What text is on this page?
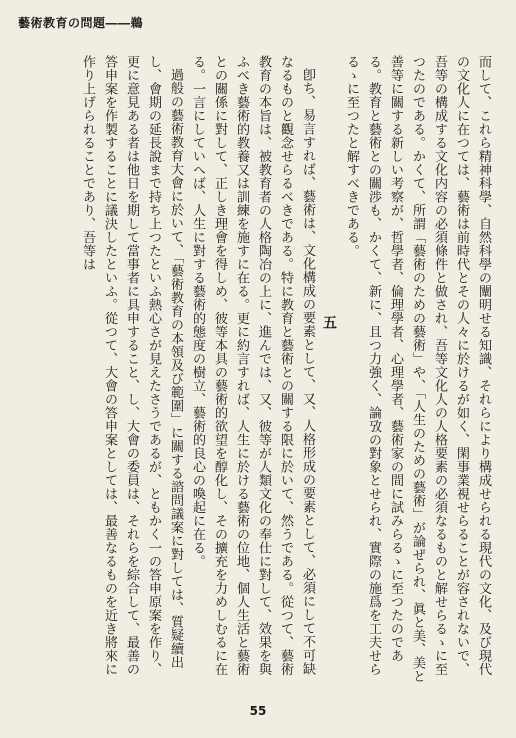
藝術教育の問題――鵜

而して、これら精神科學、自然科學の闡明せる知識、それらにより構成せられる現代の文化、及び現代の文化人に在つては、藝術は前時代とその人々に於けるが如く、閑事業視せらることが容されないで、吾等の構成する文化内容の必須條件と做され、吾等文化人の人格要素の必須なるものと解せらるゝに至つたのである。かくて、所謂「藝術のための藝術」や、「人生のための藝術」が論ぜられ、眞と美、美と善等に關する新しい考察が、哲學者、倫理學者、心理學者、藝術家の間に試みらるゝに至つたのである。教育と藝術との關渉も、かくて、新に、且つ力強く、論攷の對象とせられ、實際の施爲を工夫せらるゝに至つたと解すべきである。

五

卽ち、易言すれば、藝術は、文化構成の要素として、又、人格形成の要素として、必須にして不可缺なるものと觀念せらるべきである。特に教育と藝術との關する限に於いて、然うである。從つて、藝術教育の本旨は、被教育者の人格陶冶の上に、進んでは、又、彼等が人類文化の奉仕に對して、效果を與ふべき藝術的教養又は訓練を施すに在る。更に約言すれば、人生に於ける藝術の位地、個人生活と藝術との關係に對して、正しき理會を得しめ、彼等本具の藝術的欲望を醇化し、その擴充を力めしむるに在る。一言にしていへば、人生に對する藝術的態度の樹立、藝術的良心の喚起に在る。

過般の藝術教育大會に於いて、「藝術教育の本領及び範圍」に關する諮問議案に對しては、質疑續出し、會期の延長說まで持ち上つたといふ熱心さが見えたさうであるが、ともかく一の答申原案を作り、更に意見ある者は他日を期して當事者に具申すること、し、大會の委員は、それらを綜合して、最善の答申案を作製することに議決したといふ。從つて、大會の答申案としては、最善なるものを近き將來に作り上げられることであり、吾等は

55
